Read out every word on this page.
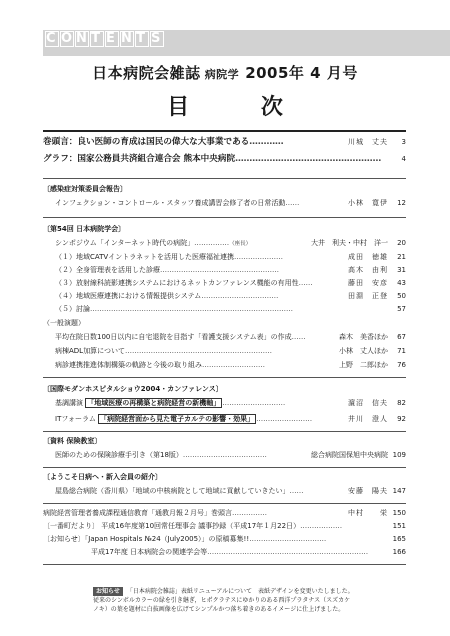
C O N T E N T S
日本病院会雑誌 病院学 2005年 4 月号
目 次
巻頭言：良い医師の育成は国民の偉大な大事業である…………	川城　丈夫 3
グラフ：国家公務員共済組合連合会 熊本中央病院……………………………………………	4
〔感染症対策委員会報告〕
インフェクション・コントロール・スタッフ養成講習会修了者の日常活動……	小林　寛伊 12
〔第54回 日本病院学会〕
シンポジウム「インターネット時代の病院」……………（座長）	大井　利夫・中村　洋一 20
（１）地域CATVイントラネットを活用した医療福祉連携…………………	成田　徳雄 21
（２）全身管理表を活用した診療……………………………………………	高木　由利 31
（３）放射線科読影連携システムにおけるネットカンファレンス機能の有用性……	藤田　安彦 43
（４）地域医療連携における情報提供システム……………………………	田淵　正登 50
（５）討論……………………………………………………………………………	57
（一般演題）
平均在院日数100日以内に自宅退院を目指す「看護支援システム表」の作成……	森木　美香ほか 67
病棟ADL加算について………………………………………………………	小林　丈人ほか 71
病診連携推進体制構築の軌跡と今後の取り組み………………………	上野　二郎ほか 76
〔国際モダンホスピタルショウ2004・カンファレンス〕
基調講演 「地域医療の再構築と病院経営の新機軸」 ………………………	濵沼　信夫 82
ITフォーラム 「病院経営面から見た電子カルテの影響・効果」 ……………………	井川　澄人 92
〔資料 保険教室〕
医師のための保険診療手引き（第18版）………………………………	総合病院国保旭中央病院 109
〔ようこそ日病へ・新入会員の紹介〕
屋島総合病院（香川県）「地域の中核病院として地域に貢献していきたい」……	安藤　陽夫 147
病院経営管理者養成課程通信教育「通教月報２月号」巻頭言……………	中村　　栄 150
〔一番町だより〕 平成16年度第10回常任理事会 議事抄録（平成17年１月22日）………………	151
〔お知らせ〕「Japan Hospitals №24（July2005）」の原稿募集!!……………………………	165
平成17年度 日本病院会の関連学会等……………………………………………………………	166
お知らせ 「日本病院会雑誌」表紙リニューアルについて　表紙デザインを変更いたしました。
従来のシンボルカラーの緑を引き継ぎ，ヒポクラテスにゆかりのある西洋プラタナス（スズカケ
ノキ）の葉を題材に白抜画像を広げてシンプルかつ落ち着きのあるイメージに仕上げました。
